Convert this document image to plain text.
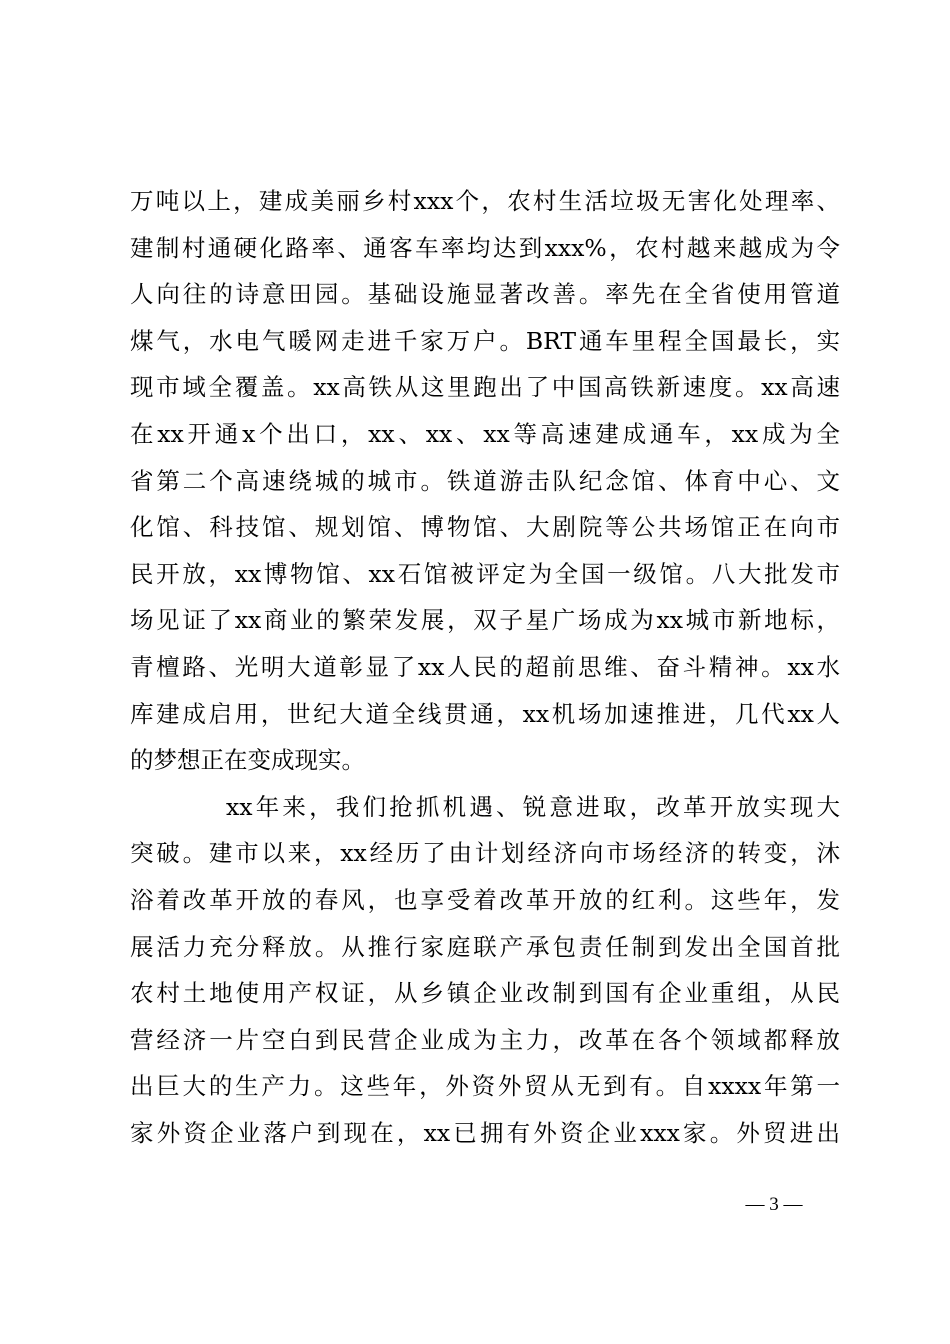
万吨以上，建成美丽乡村xxx个，农村生活垃圾无害化处理率、
建制村通硬化路率、通客车率均达到xxx%，农村越来越成为令
人向往的诗意田园。基础设施显著改善。率先在全省使用管道
煤气，水电气暖网走进千家万户。BRT通车里程全国最长，实
现市域全覆盖。xx高铁从这里跑出了中国高铁新速度。xx高速
在xx开通x个出口，xx、xx、xx等高速建成通车，xx成为全
省第二个高速绕城的城市。铁道游击队纪念馆、体育中心、文
化馆、科技馆、规划馆、博物馆、大剧院等公共场馆正在向市
民开放，xx博物馆、xx石馆被评定为全国一级馆。八大批发市
场见证了xx商业的繁荣发展，双子星广场成为xx城市新地标，
青檀路、光明大道彰显了xx人民的超前思维、奋斗精神。xx水
库建成启用，世纪大道全线贯通，xx机场加速推进，几代xx人
的梦想正在变成现实。
xx年来，我们抢抓机遇、锐意进取，改革开放实现大
突破。建市以来，xx经历了由计划经济向市场经济的转变，沐
浴着改革开放的春风，也享受着改革开放的红利。这些年，发
展活力充分释放。从推行家庭联产承包责任制到发出全国首批
农村土地使用产权证，从乡镇企业改制到国有企业重组，从民
营经济一片空白到民营企业成为主力，改革在各个领域都释放
出巨大的生产力。这些年，外资外贸从无到有。自xxxx年第一
家外资企业落户到现在，xx已拥有外资企业xxx家。外贸进出
— 3 —
